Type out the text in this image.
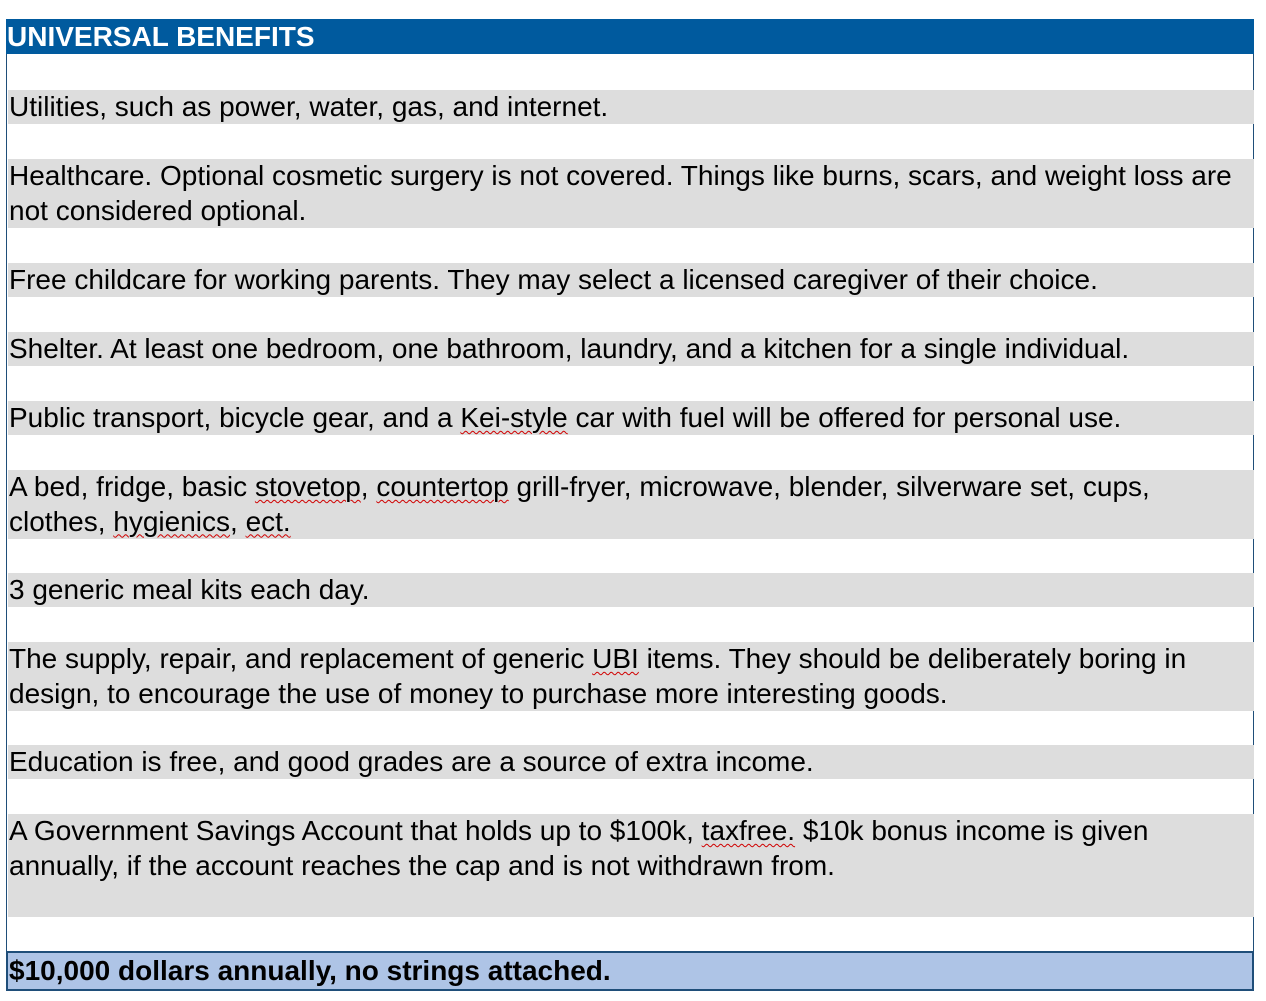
UNIVERSAL BENEFITS
Utilities, such as power, water, gas, and internet.
Healthcare. Optional cosmetic surgery is not covered. Things like burns, scars, and weight loss are not considered optional.
Free childcare for working parents. They may select a licensed caregiver of their choice.
Shelter. At least one bedroom, one bathroom, laundry, and a kitchen for a single individual.
Public transport, bicycle gear, and a Kei-style car with fuel will be offered for personal use.
A bed, fridge, basic stovetop, countertop grill-fryer, microwave, blender, silverware set, cups, clothes, hygienics, ect.
3 generic meal kits each day.
The supply, repair, and replacement of generic UBI items. They should be deliberately boring in design, to encourage the use of money to purchase more interesting goods.
Education is free, and good grades are a source of extra income.
A Government Savings Account that holds up to $100k, taxfree. $10k bonus income is given annually, if the account reaches the cap and is not withdrawn from.
$10,000 dollars annually, no strings attached.
